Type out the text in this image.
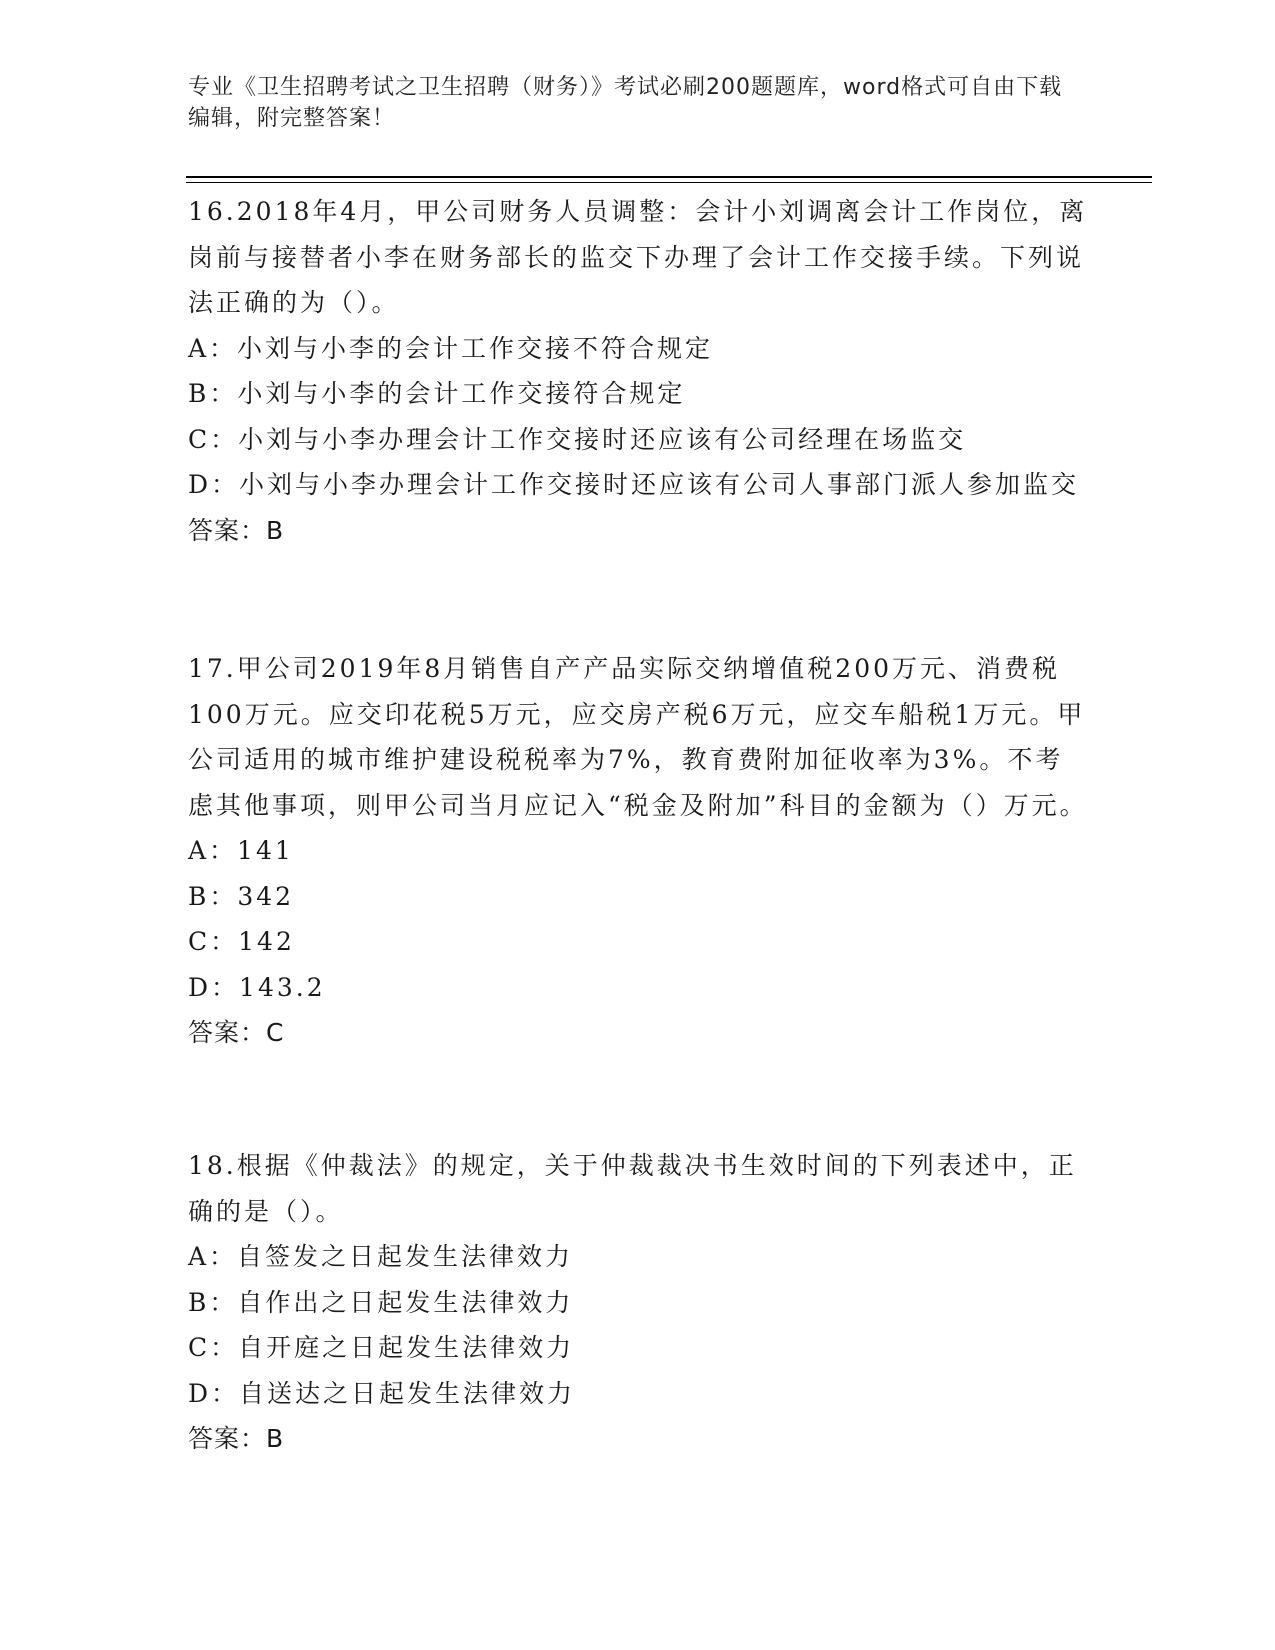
专业《卫生招聘考试之卫生招聘（财务）》考试必刷200题题库，word格式可自由下载编辑，附完整答案！

16.2018年4月，甲公司财务人员调整：会计小刘调离会计工作岗位，离岗前与接替者小李在财务部长的监交下办理了会计工作交接手续。下列说法正确的为（）。

A：小刘与小李的会计工作交接不符合规定

B：小刘与小李的会计工作交接符合规定

C：小刘与小李办理会计工作交接时还应该有公司经理在场监交

D：小刘与小李办理会计工作交接时还应该有公司人事部门派人参加监交

答案：B

17.甲公司2019年8月销售自产产品实际交纳增值税200万元、消费税100万元。应交印花税5万元，应交房产税6万元，应交车船税1万元。甲公司适用的城市维护建设税税率为7%，教育费附加征收率为3%。不考虑其他事项，则甲公司当月应记入“税金及附加”科目的金额为（）万元。

A：141

B：342

C：142

D：143.2

答案：C

18.根据《仲裁法》的规定，关于仲裁裁决书生效时间的下列表述中，正确的是（）。

A：自签发之日起发生法律效力

B：自作出之日起发生法律效力

C：自开庭之日起发生法律效力

D：自送达之日起发生法律效力

答案：B
